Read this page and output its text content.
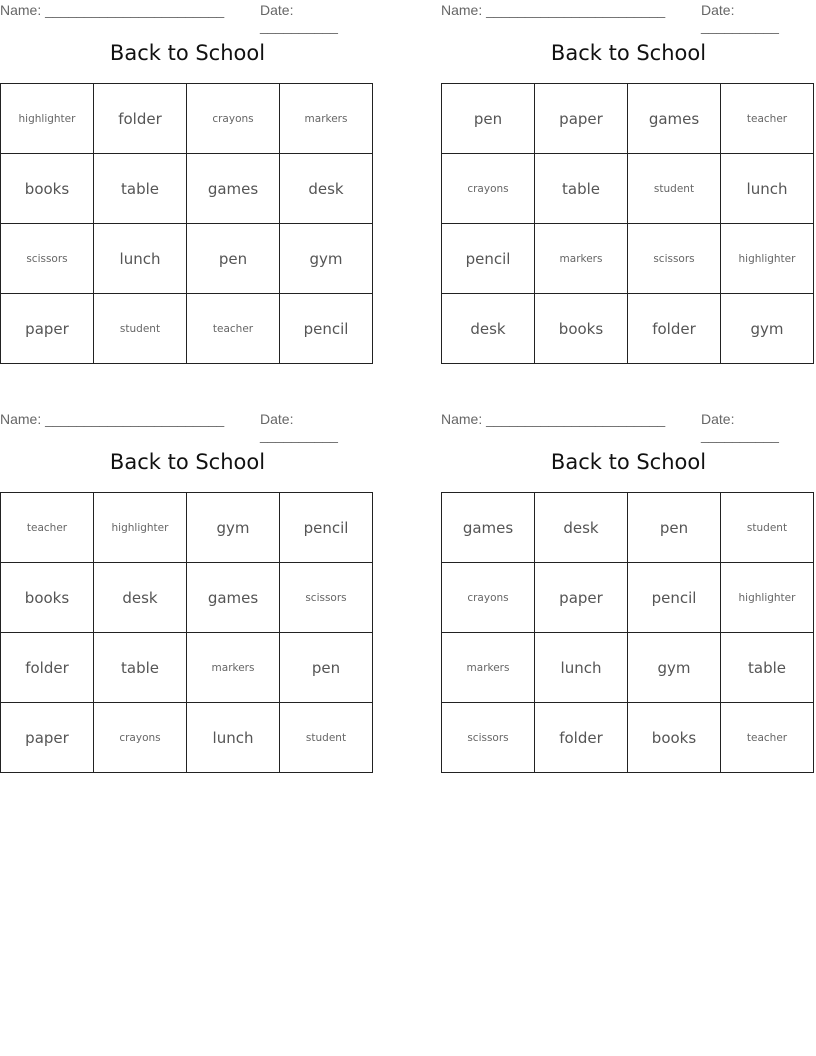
Name: _______________________	Date: __________
Back to School
highlighter	folder	crayons	markers
books	table	games	desk
scissors	lunch	pen	gym
paper	student	teacher	pencil
Name: _______________________	Date: __________
Back to School
pen	paper	games	teacher
crayons	table	student	lunch
pencil	markers	scissors	highlighter
desk	books	folder	gym
Name: _______________________	Date: __________
Back to School
teacher	highlighter	gym	pencil
books	desk	games	scissors
folder	table	markers	pen
paper	crayons	lunch	student
Name: _______________________	Date: __________
Back to School
games	desk	pen	student
crayons	paper	pencil	highlighter
markers	lunch	gym	table
scissors	folder	books	teacher
